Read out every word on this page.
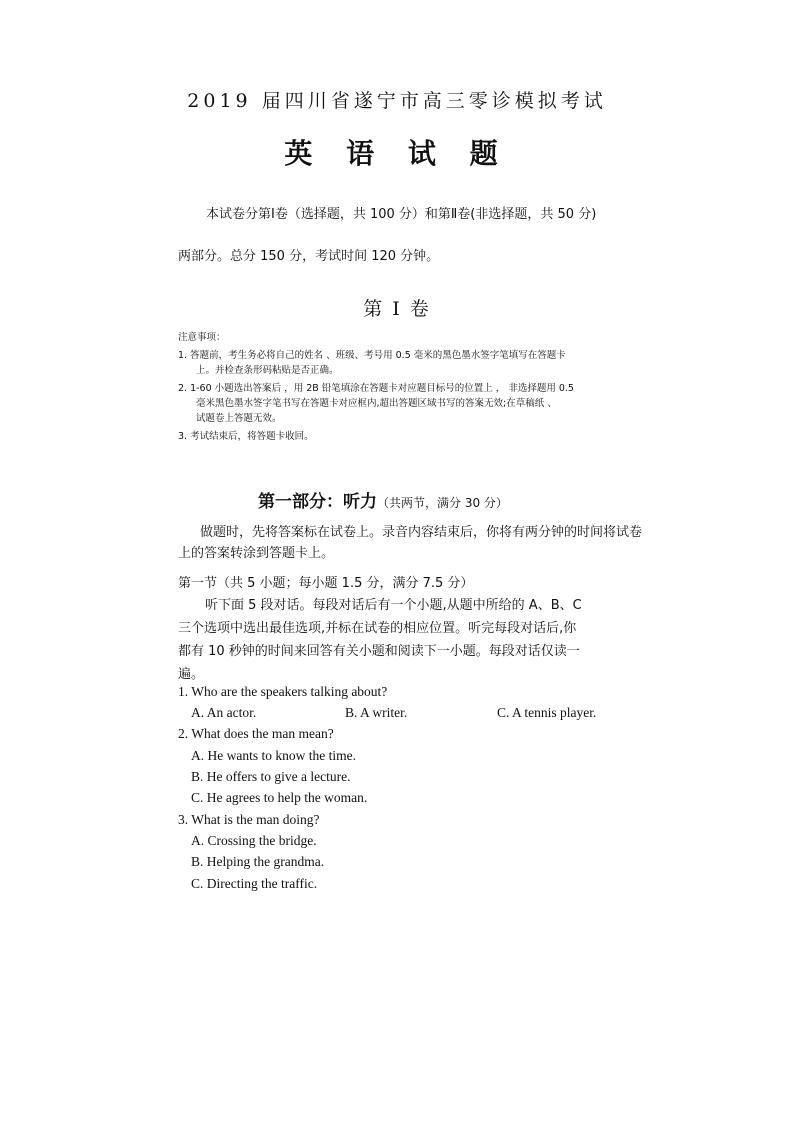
2019 届四川省遂宁市高三零诊模拟考试
英 语 试 题
本试卷分第Ⅰ卷（选择题，共 100 分）和第Ⅱ卷(非选择题，共 50 分)
两部分。总分 150 分，考试时间 120 分钟。
第 Ⅰ 卷
注意事项：
1. 答题前，考生务必将自己的姓名 、班级、考号用 0.5 毫米的黑色墨水签字笔填写在答题卡
上。并检查条形码粘贴是否正确。
2. 1-60 小题选出答案后 ，用 2B 铅笔填涂在答题卡对应题目标号的位置上 ， 非选择题用 0.5
毫米黑色墨水签字笔书写在答题卡对应框内,超出答题区域书写的答案无效;在草稿纸 、
试题卷上答题无效。
3. 考试结束后，将答题卡收回。
第一部分：听力（共两节，满分 30 分）
做题时，先将答案标在试卷上。录音内容结束后，你将有两分钟的时间将试卷
上的答案转涂到答题卡上。
第一节（共 5 小题；每小题 1.5 分，满分 7.5 分）
听下面 5 段对话。每段对话后有一个小题,从题中所给的 A、B、C
三个选项中选出最佳选项,并标在试卷的相应位置。听完每段对话后,你
都有 10 秒钟的时间来回答有关小题和阅读下一小题。每段对话仅读一
遍。
1. Who are the speakers talking about?
A. An actor.	B. A writer.	C. A tennis player.
2. What does the man mean?
A. He wants to know the time.
B. He offers to give a lecture.
C. He agrees to help the woman.
3. What is the man doing?
A. Crossing the bridge.
B. Helping the grandma.
C. Directing the traffic.
